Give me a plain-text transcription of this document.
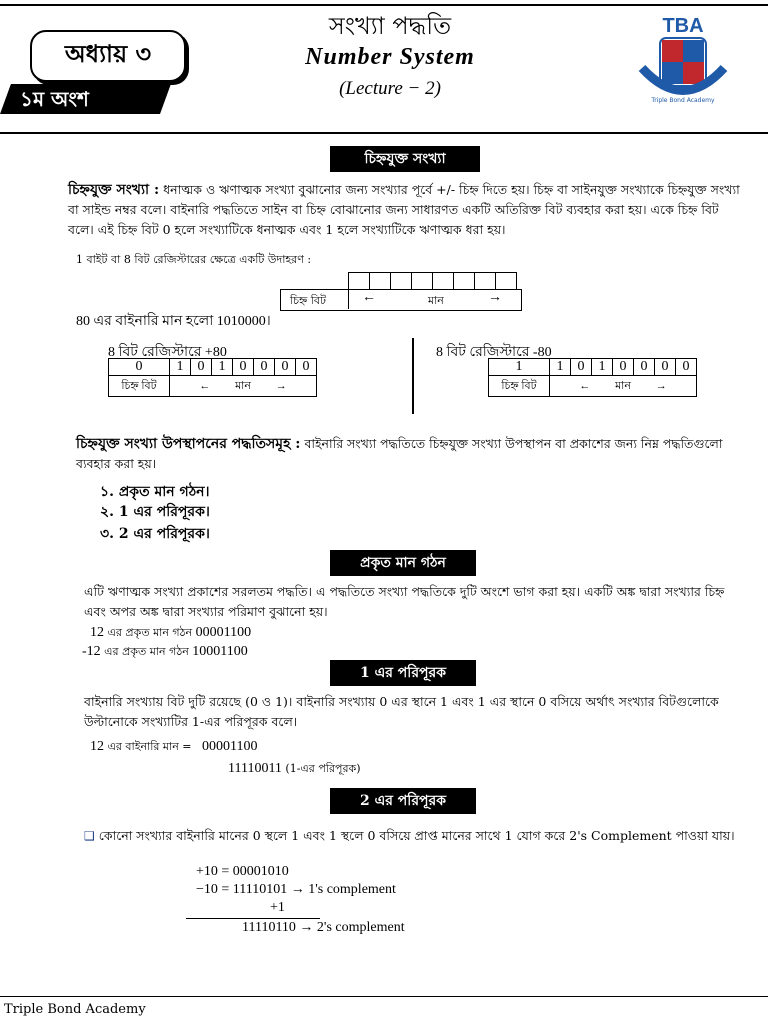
অধ্যায় ৩
১ম অংশ
সংখ্যা পদ্ধতি
Number System
(Lecture − 2)
TBA
Triple Bond Academy
চিহ্নযুক্ত সংখ্যা
চিহ্নযুক্ত সংখ্যা : ধনাত্মক ও ঋণাত্মক সংখ্যা বুঝানোর জন্য সংখ্যার পূর্বে +/- চিহ্ন দিতে হয়। চিহ্ন বা সাইনযুক্ত সংখ্যাকে চিহ্নযুক্ত সংখ্যা বা সাইন্ড নম্বর বলে। বাইনারি পদ্ধতিতে সাইন বা চিহ্ন বোঝানোর জন্য সাধারণত একটি অতিরিক্ত বিট ব্যবহার করা হয়। একে চিহ্ন বিট বলে। এই চিহ্ন বিট 0 হলে সংখ্যাটিকে ধনাত্মক এবং 1 হলে সংখ্যাটিকে ঋণাত্মক ধরা হয়।
1 বাইট বা 8 বিট রেজিস্টারের ক্ষেত্রে একটি উদাহরণ :

চিহ্ন বিট	←	মান	→
80 এর বাইনারি মান হলো 1010000।
8 বিট রেজিস্টারে +80
0	1	0	1	0	0	0	0
চিহ্ন বিট	← মান →						
8 বিট রেজিস্টারে -80
1	1	0	1	0	0	0	0
চিহ্ন বিট	← মান →						
চিহ্নযুক্ত সংখ্যা উপস্থাপনের পদ্ধতিসমূহ : বাইনারি সংখ্যা পদ্ধতিতে চিহ্নযুক্ত সংখ্যা উপস্থাপন বা প্রকাশের জন্য নিম্ন পদ্ধতিগুলো ব্যবহার করা হয়।
১. প্রকৃত মান গঠন।
২. 1 এর পরিপূরক।
৩. 2 এর পরিপূরক।
প্রকৃত মান গঠন
এটি ঋণাত্মক সংখ্যা প্রকাশের সরলতম পদ্ধতি। এ পদ্ধতিতে সংখ্যা পদ্ধতিকে দুটি অংশে ভাগ করা হয়। একটি অঙ্ক দ্বারা সংখ্যার চিহ্ন এবং অপর অঙ্ক দ্বারা সংখ্যার পরিমাণ বুঝানো হয়।
12 এর প্রকৃত মান গঠন 00001100
-12 এর প্রকৃত মান গঠন 10001100
1 এর পরিপূরক
বাইনারি সংখ্যায় বিট দুটি রয়েছে (0 ও 1)। বাইনারি সংখ্যায় 0 এর স্থানে 1 এবং 1 এর স্থানে 0 বসিয়ে অর্থাৎ সংখ্যার বিটগুলোকে উল্টানোকে সংখ্যাটির 1-এর পরিপূরক বলে।
12 এর বাইনারি মান = 00001100
11110011 (1-এর পরিপূরক)
2 এর পরিপূরক
❑ কোনো সংখ্যার বাইনারি মানের 0 স্থলে 1 এবং 1 স্থলে 0 বসিয়ে প্রাপ্ত মানের সাথে 1 যোগ করে 2's Complement পাওয়া যায়।
+10 = 00001010
−10 = 11110101 → 1's complement
+1
11110110 → 2's complement
Triple Bond Academy
